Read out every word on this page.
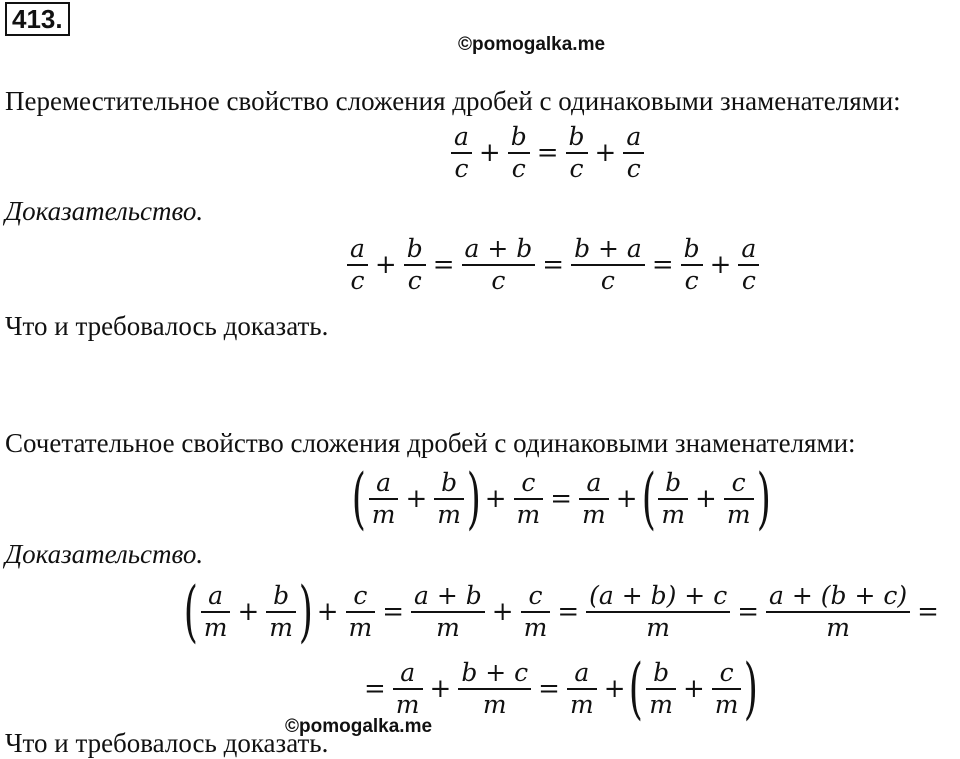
413.
©pomogalka.me
Переместительное свойство сложения дробей с одинаковыми знаменателями:
$\frac{a}{c} + \frac{b}{c} = \frac{b}{c} + \frac{a}{c}$
Доказательство.
$\frac{a}{c} + \frac{b}{c} = \frac{a + b}{c} = \frac{b + a}{c} = \frac{b}{c} + \frac{a}{c}$
Что и требовалось доказать.
Сочетательное свойство сложения дробей с одинаковыми знаменателями:
( $\frac{a}{m} + \frac{b}{m}$ ) + $\frac{c}{m} = \frac{a}{m}$ + ( $\frac{b}{m} + \frac{c}{m}$ )
Доказательство.
( $\frac{a}{m} + \frac{b}{m}$ ) + $\frac{c}{m} = \frac{a + b}{m} + \frac{c}{m} = \frac{(a + b) + c}{m} = \frac{a + (b + c)}{m}$ =
= $\frac{a}{m} + \frac{b + c}{m} = \frac{a}{m}$ + ( $\frac{b}{m} + \frac{c}{m}$ )
©pomogalka.me
Что и требовалось доказать.
